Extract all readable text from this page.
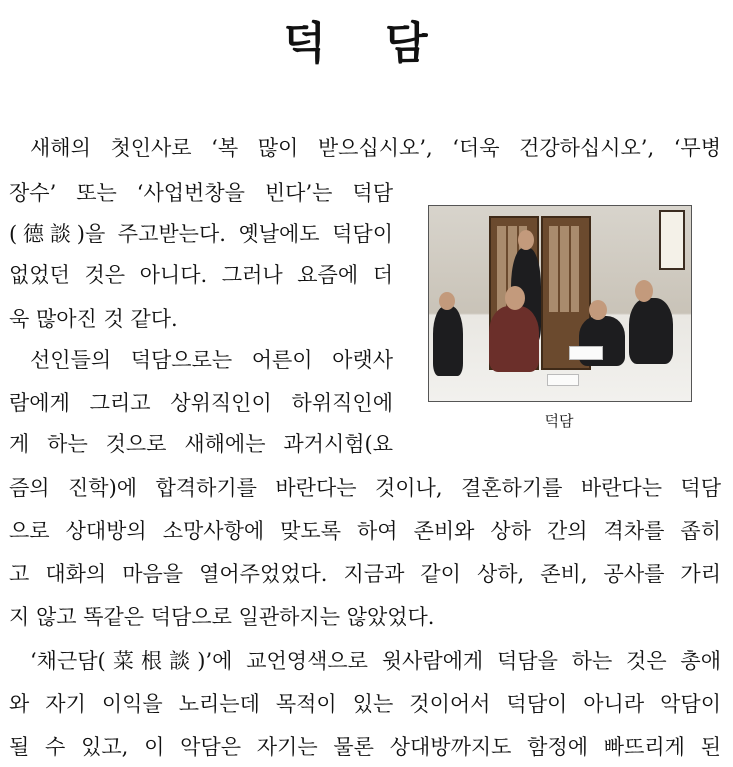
덕 담
새해의 첫인사로 ‘복 많이 받으십시오’, ‘더욱 건강하십시오’, ‘무병
장수’ 또는 ‘사업번창을 빈다’는 덕담
(德談)을 주고받는다. 옛날에도 덕담이
없었던 것은 아니다. 그러나 요즘에 더
욱 많아진 것 같다.
선인들의 덕담으로는 어른이 아랫사
람에게 그리고 상위직인이 하위직인에
게 하는 것으로 새해에는 과거시험(요
즘의 진학)에 합격하기를 바란다는 것이나, 결혼하기를 바란다는 덕담
으로 상대방의 소망사항에 맞도록 하여 존비와 상하 간의 격차를 좁히
고 대화의 마음을 열어주었었다. 지금과 같이 상하, 존비, 공사를 가리
지 않고 똑같은 덕담으로 일관하지는 않았었다.
‘채근담(菜根談)’에 교언영색으로 윗사람에게 덕담을 하는 것은 총애
와 자기 이익을 노리는데 목적이 있는 것이어서 덕담이 아니라 악담이
될 수 있고, 이 악담은 자기는 물론 상대방까지도 함정에 빠뜨리게 된
덕담
